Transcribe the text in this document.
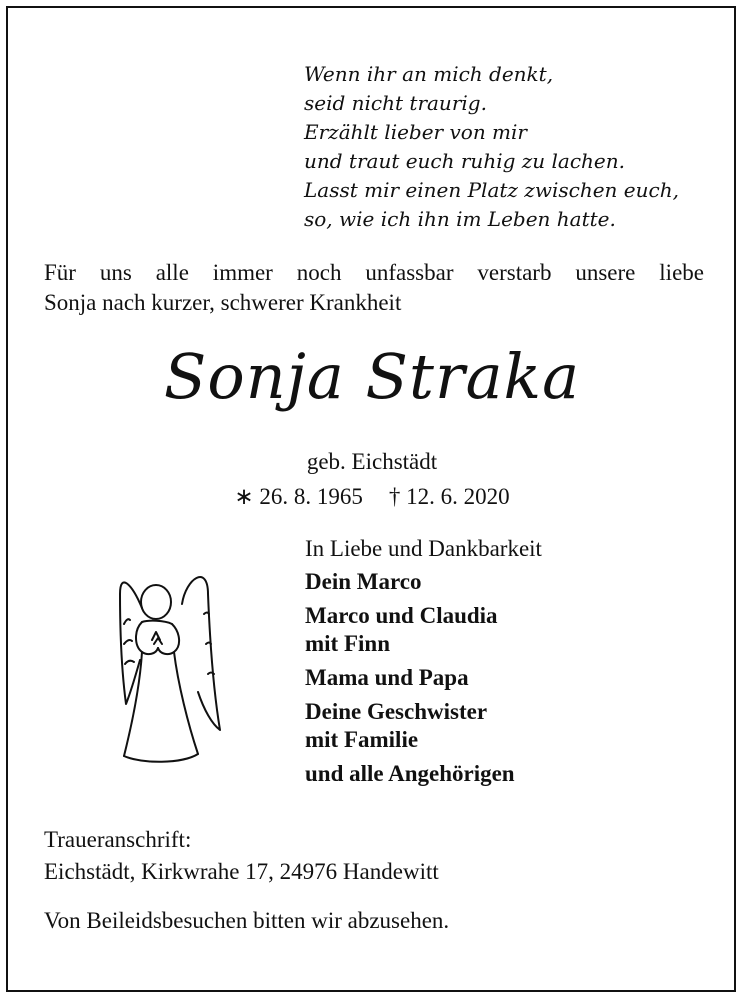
Wenn ihr an mich denkt,
seid nicht traurig.
Erzählt lieber von mir
und traut euch ruhig zu lachen.
Lasst mir einen Platz zwischen euch,
so, wie ich ihn im Leben hatte.
Für uns alle immer noch unfassbar verstarb unsere liebe
Sonja nach kurzer, schwerer Krankheit
Sonja Straka
geb. Eichstädt
∗ 26. 8. 1965 † 12. 6. 2020
In Liebe und Dankbarkeit
Dein Marco
Marco und Claudia
mit Finn
Mama und Papa
Deine Geschwister
mit Familie
und alle Angehörigen
Traueranschrift:
Eichstädt, Kirkwrahe 17, 24976 Handewitt
Von Beileidsbesuchen bitten wir abzusehen.
